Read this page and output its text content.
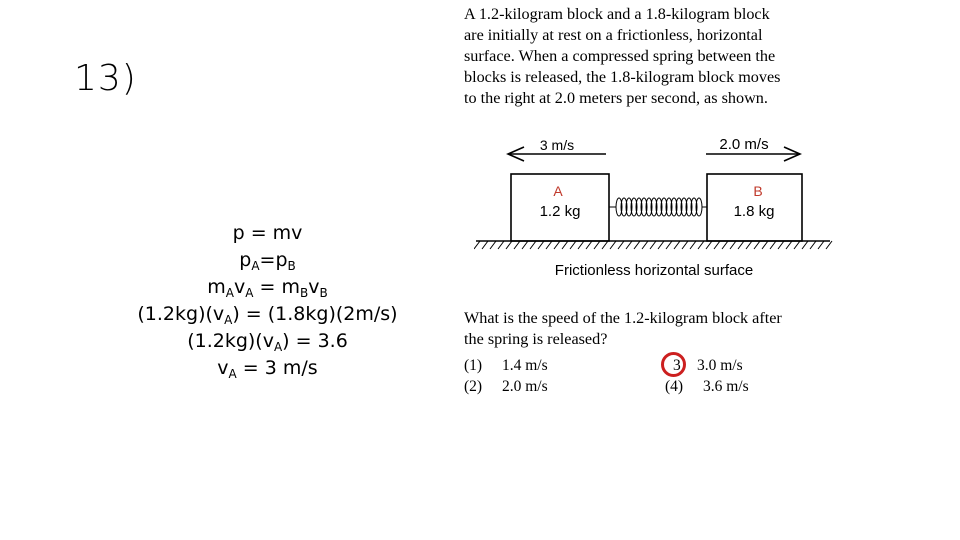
13)
p = mv
$p_A=p_B$
$m_Av_A = m_Bv_B$
$(1.2kg)(v_A) = (1.8kg)(2m/s)$
$(1.2kg)(v_A) = 3.6$
$v_A = 3$ m/s
A 1.2-kilogram block and a 1.8-kilogram block
are initially at rest on a frictionless, horizontal
surface. When a compressed spring between the
blocks is released, the 1.8-kilogram block moves
to the right at 2.0 meters per second, as shown.
3 m/s	2.0 m/s
A
1.2 kg
B
1.8 kg
Frictionless horizontal surface
What is the speed of the 1.2-kilogram block after
the spring is released?
(1) 1.4 m/s
(2) 2.0 m/s
3 3.0 m/s
(4) 3.6 m/s
